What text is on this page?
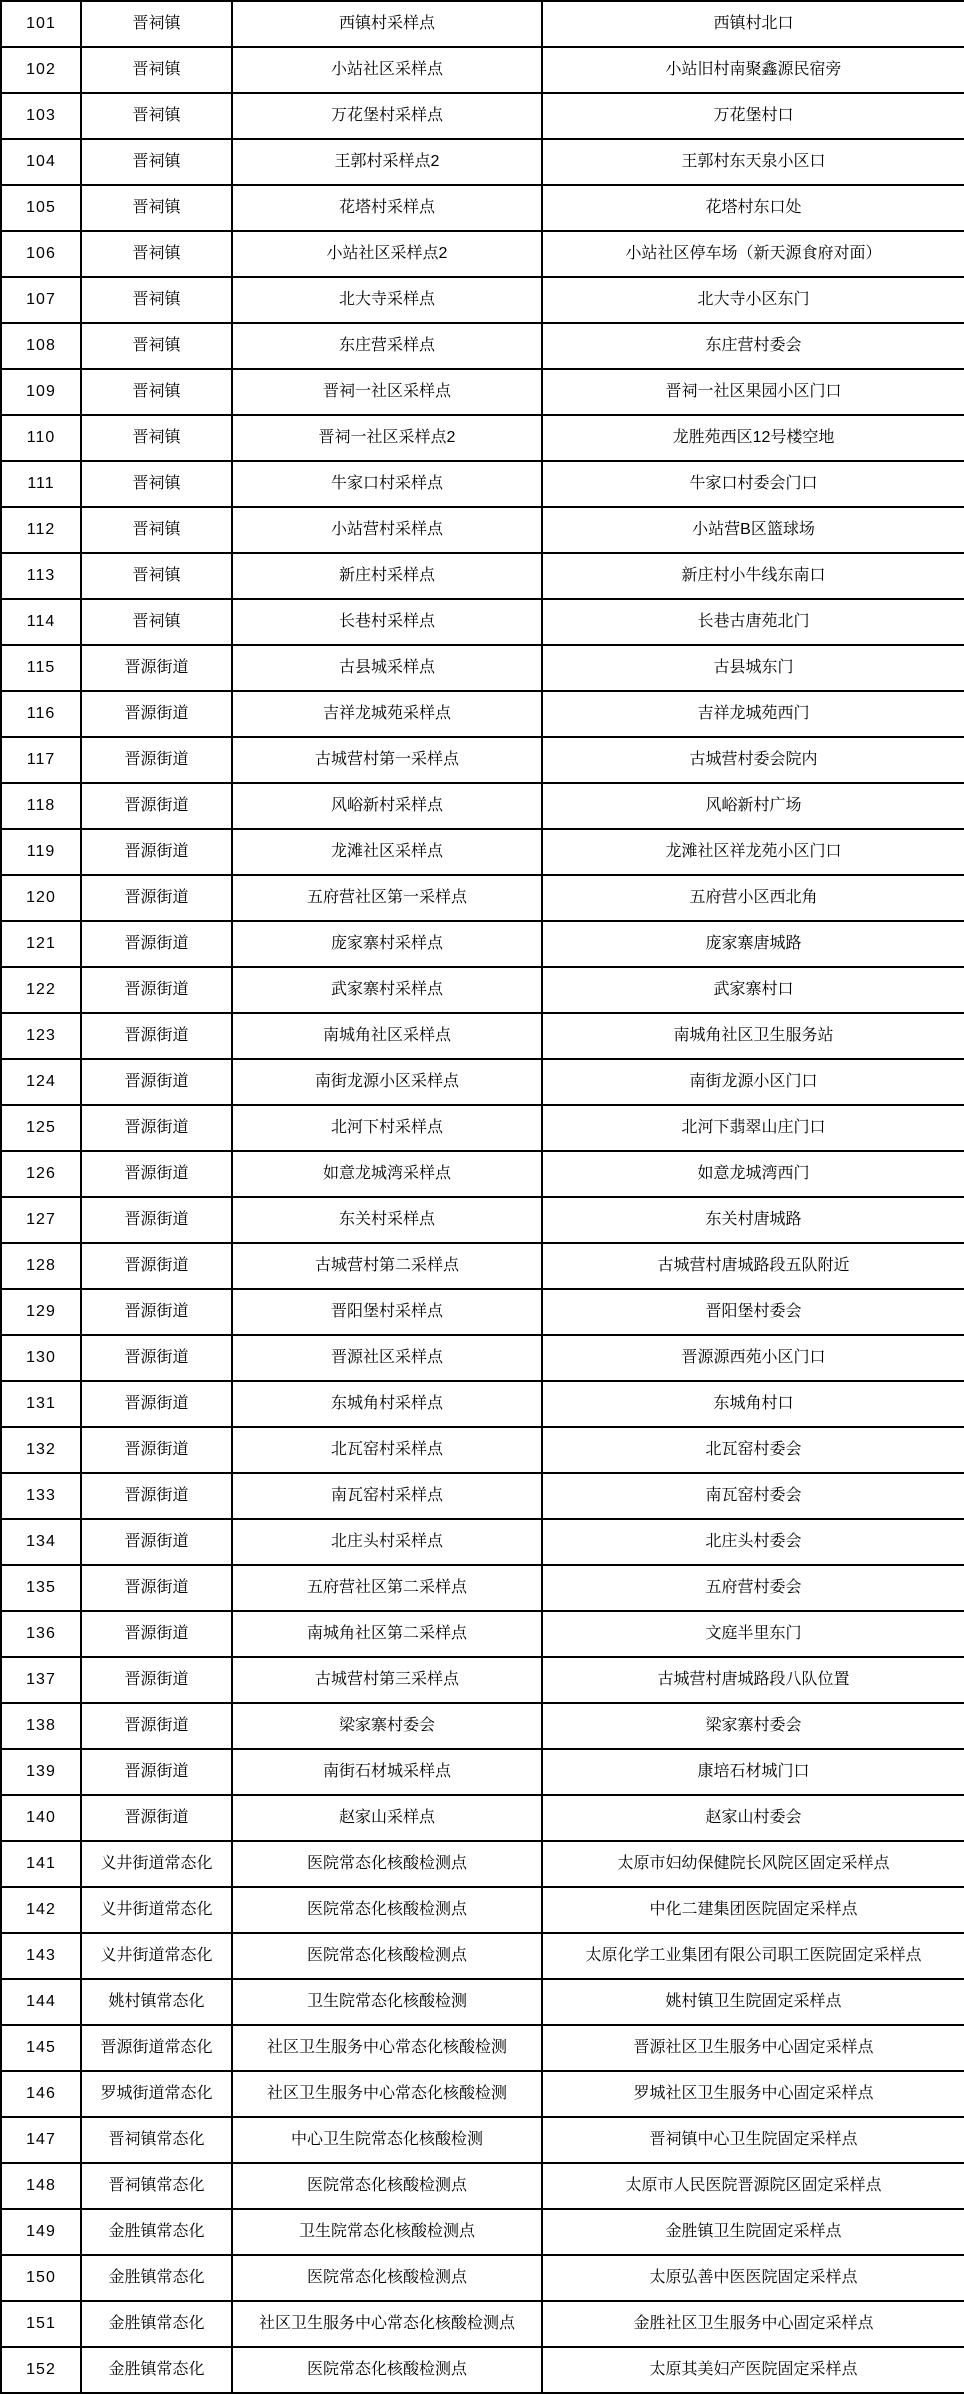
101	晋祠镇	西镇村采样点	西镇村北口
102	晋祠镇	小站社区采样点	小站旧村南聚鑫源民宿旁
103	晋祠镇	万花堡村采样点	万花堡村口
104	晋祠镇	王郭村采样点2	王郭村东天泉小区口
105	晋祠镇	花塔村采样点	花塔村东口处
106	晋祠镇	小站社区采样点2	小站社区停车场（新天源食府对面）
107	晋祠镇	北大寺采样点	北大寺小区东门
108	晋祠镇	东庄营采样点	东庄营村委会
109	晋祠镇	晋祠一社区采样点	晋祠一社区果园小区门口
110	晋祠镇	晋祠一社区采样点2	龙胜苑西区12号楼空地
111	晋祠镇	牛家口村采样点	牛家口村委会门口
112	晋祠镇	小站营村采样点	小站营B区篮球场
113	晋祠镇	新庄村采样点	新庄村小牛线东南口
114	晋祠镇	长巷村采样点	长巷古唐苑北门
115	晋源街道	古县城采样点	古县城东门
116	晋源街道	吉祥龙城苑采样点	吉祥龙城苑西门
117	晋源街道	古城营村第一采样点	古城营村委会院内
118	晋源街道	风峪新村采样点	风峪新村广场
119	晋源街道	龙滩社区采样点	龙滩社区祥龙苑小区门口
120	晋源街道	五府营社区第一采样点	五府营小区西北角
121	晋源街道	庞家寨村采样点	庞家寨唐城路
122	晋源街道	武家寨村采样点	武家寨村口
123	晋源街道	南城角社区采样点	南城角社区卫生服务站
124	晋源街道	南街龙源小区采样点	南街龙源小区门口
125	晋源街道	北河下村采样点	北河下翡翠山庄门口
126	晋源街道	如意龙城湾采样点	如意龙城湾西门
127	晋源街道	东关村采样点	东关村唐城路
128	晋源街道	古城营村第二采样点	古城营村唐城路段五队附近
129	晋源街道	晋阳堡村采样点	晋阳堡村委会
130	晋源街道	晋源社区采样点	晋源源西苑小区门口
131	晋源街道	东城角村采样点	东城角村口
132	晋源街道	北瓦窑村采样点	北瓦窑村委会
133	晋源街道	南瓦窑村采样点	南瓦窑村委会
134	晋源街道	北庄头村采样点	北庄头村委会
135	晋源街道	五府营社区第二采样点	五府营村委会
136	晋源街道	南城角社区第二采样点	文庭半里东门
137	晋源街道	古城营村第三采样点	古城营村唐城路段八队位置
138	晋源街道	梁家寨村委会	梁家寨村委会
139	晋源街道	南街石材城采样点	康培石材城门口
140	晋源街道	赵家山采样点	赵家山村委会
141	义井街道常态化	医院常态化核酸检测点	太原市妇幼保健院长风院区固定采样点
142	义井街道常态化	医院常态化核酸检测点	中化二建集团医院固定采样点
143	义井街道常态化	医院常态化核酸检测点	太原化学工业集团有限公司职工医院固定采样点
144	姚村镇常态化	卫生院常态化核酸检测	姚村镇卫生院固定采样点
145	晋源街道常态化	社区卫生服务中心常态化核酸检测	晋源社区卫生服务中心固定采样点
146	罗城街道常态化	社区卫生服务中心常态化核酸检测	罗城社区卫生服务中心固定采样点
147	晋祠镇常态化	中心卫生院常态化核酸检测	晋祠镇中心卫生院固定采样点
148	晋祠镇常态化	医院常态化核酸检测点	太原市人民医院晋源院区固定采样点
149	金胜镇常态化	卫生院常态化核酸检测点	金胜镇卫生院固定采样点
150	金胜镇常态化	医院常态化核酸检测点	太原弘善中医医院固定采样点
151	金胜镇常态化	社区卫生服务中心常态化核酸检测点	金胜社区卫生服务中心固定采样点
152	金胜镇常态化	医院常态化核酸检测点	太原其美妇产医院固定采样点
